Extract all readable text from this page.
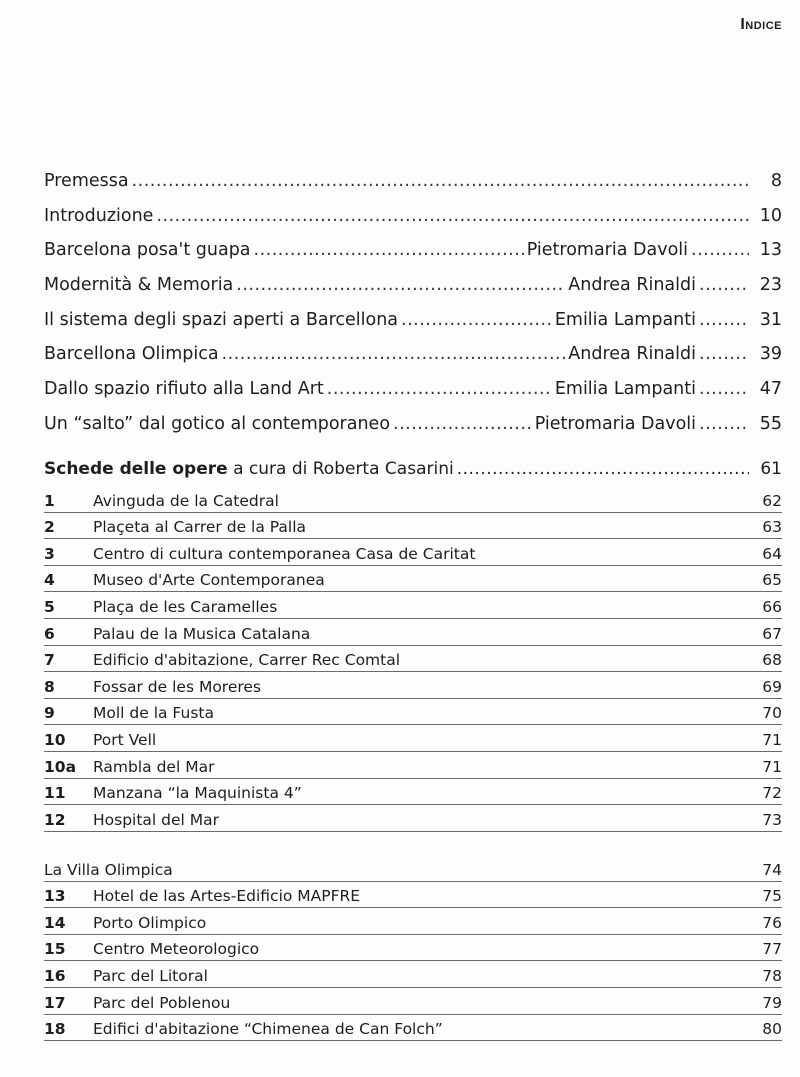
Indice
Premessa .....	8
Introduzione .....	10
Barcelona posa't guapa .....	Pietromaria Davoli .....	13
Modernità & Memoria .....	Andrea Rinaldi .....	23
Il sistema degli spazi aperti a Barcellona .....	Emilia Lampanti .....	31
Barcellona Olimpica .....	Andrea Rinaldi .....	39
Dallo spazio rifiuto alla Land Art .....	Emilia Lampanti .....	47
Un “salto” dal gotico al contemporaneo .....	Pietromaria Davoli .....	55
Schede delle opere a cura di Roberta Casarini .....	61
1	Avinguda de la Catedral	62
2	Plaçeta al Carrer de la Palla	63
3	Centro di cultura contemporanea Casa de Caritat	64
4	Museo d'Arte Contemporanea	65
5	Plaça de les Caramelles	66
6	Palau de la Musica Catalana	67
7	Edificio d'abitazione, Carrer Rec Comtal	68
8	Fossar de les Moreres	69
9	Moll de la Fusta	70
10	Port Vell	71
10a	Rambla del Mar	71
11	Manzana “la Maquinista 4”	72
12	Hospital del Mar	73
La Villa Olimpica	74
13	Hotel de las Artes-Edificio MAPFRE	75
14	Porto Olimpico	76
15	Centro Meteorologico	77
16	Parc del Litoral	78
17	Parc del Poblenou	79
18	Edifici d'abitazione “Chimenea de Can Folch”	80
